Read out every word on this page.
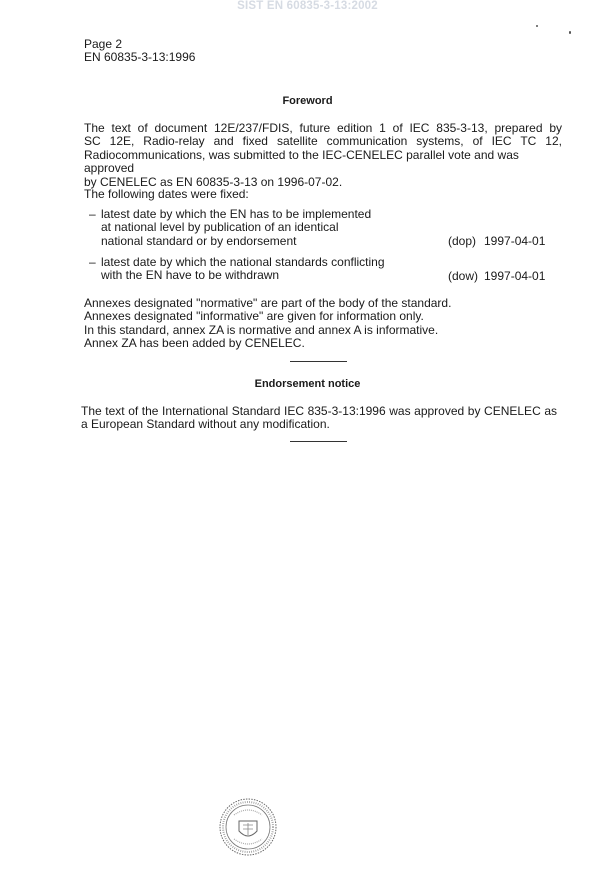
SIST EN 60835-3-13:2002
Page 2
EN 60835-3-13:1996
Foreword
The text of document 12E/237/FDIS, future edition 1 of IEC 835-3-13, prepared by
SC 12E, Radio-relay and fixed satellite communication systems, of IEC TC 12,
Radiocommunications, was submitted to the IEC-CENELEC parallel vote and was approved
by CENELEC as EN 60835-3-13 on 1996-07-02.
The following dates were fixed:
– latest date by which the EN has to be implemented
at national level by publication of an identical
national standard or by endorsement	(dop) 1997-04-01
– latest date by which the national standards conflicting
with the EN have to be withdrawn	(dow) 1997-04-01
Annexes designated "normative" are part of the body of the standard.
Annexes designated "informative" are given for information only.
In this standard, annex ZA is normative and annex A is informative.
Annex ZA has been added by CENELEC.
Endorsement notice
The text of the International Standard IEC 835-3-13:1996 was approved by CENELEC as
a European Standard without any modification.
